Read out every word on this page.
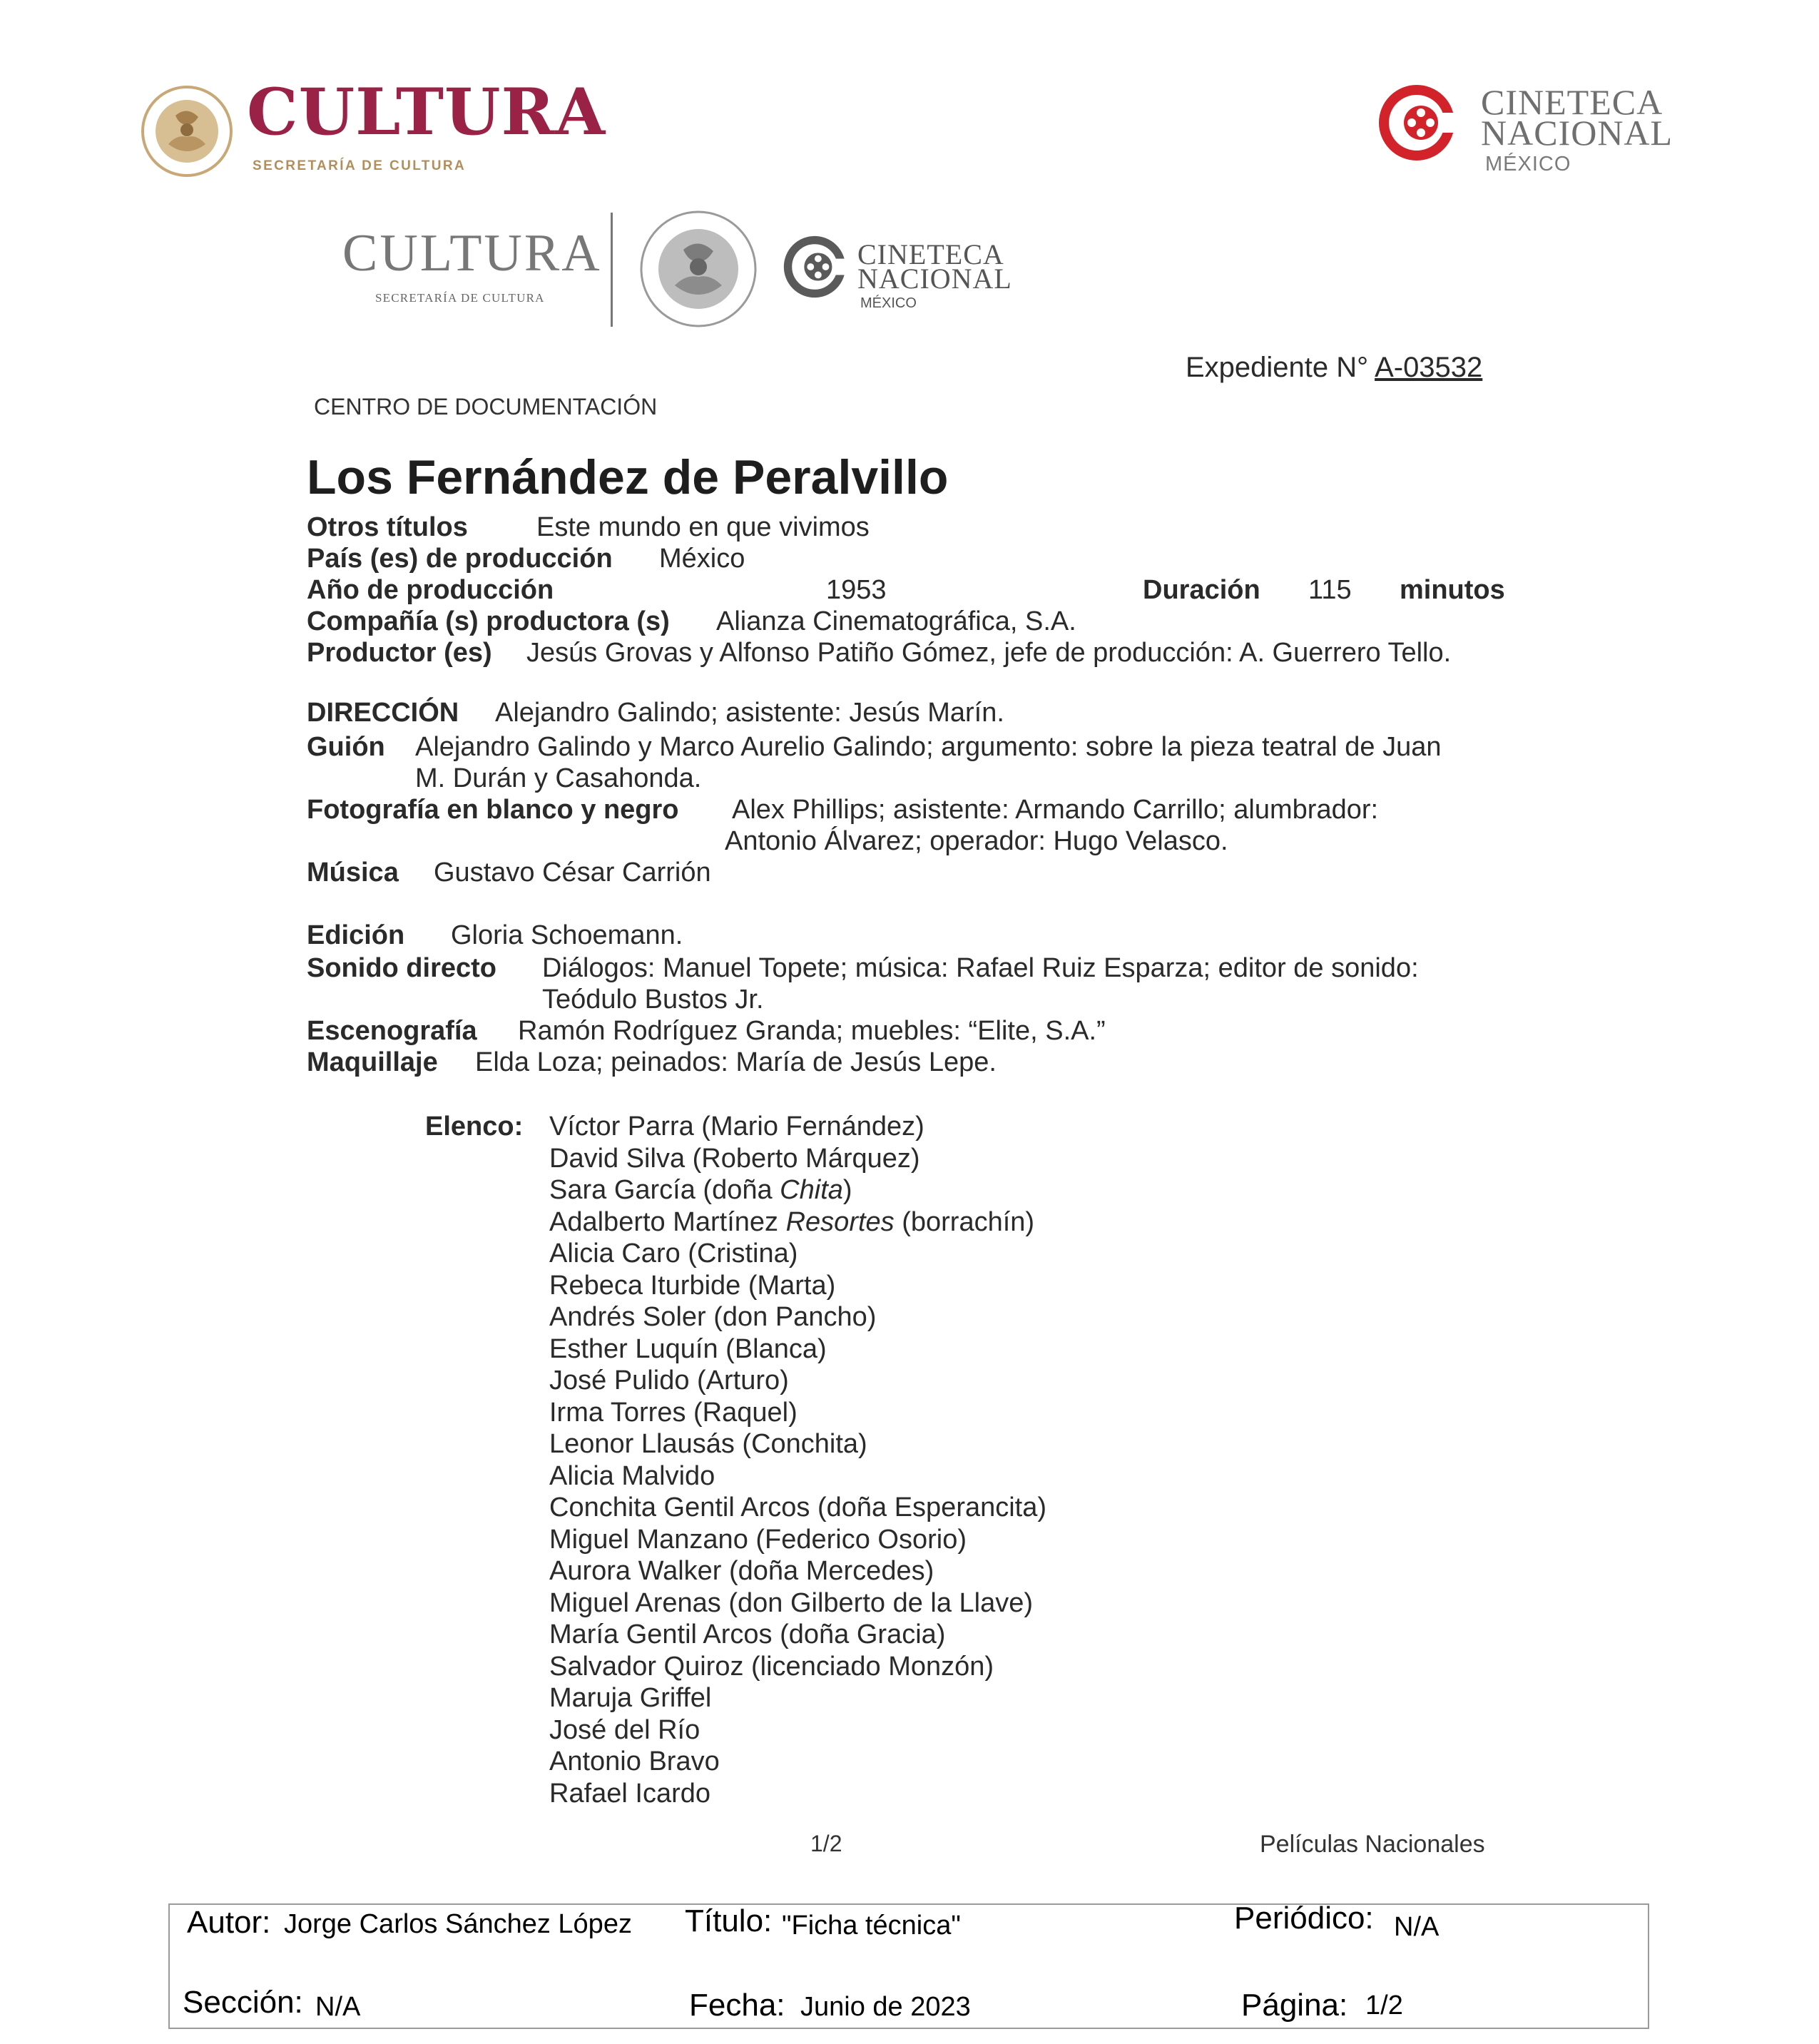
CULTURA
SECRETARÍA DE CULTURA
CINETECA
NACIONAL
MÉXICO
CULTURA
SECRETARÍA DE CULTURA
CINETECA
NACIONAL
MÉXICO
Expediente N° A-03532
CENTRO DE DOCUMENTACIÓN
Los Fernández de Peralvillo
Otros títulos	Este mundo en que vivimos
País (es) de producción México
Año de producción	1953	Duración 115 minutos
Compañía (s) productora (s) Alianza Cinematográfica, S.A.
Productor (es) Jesús Grovas y Alfonso Patiño Gómez, jefe de producción: A. Guerrero Tello.
DIRECCIÓN Alejandro Galindo; asistente: Jesús Marín.
Guión Alejandro Galindo y Marco Aurelio Galindo; argumento: sobre la pieza teatral de Juan
M. Durán y Casahonda.
Fotografía en blanco y negro Alex Phillips; asistente: Armando Carrillo; alumbrador:
Antonio Álvarez; operador: Hugo Velasco.
Música Gustavo César Carrión
Edición Gloria Schoemann.
Sonido directo Diálogos: Manuel Topete; música: Rafael Ruiz Esparza; editor de sonido:
Teódulo Bustos Jr.
Escenografía Ramón Rodríguez Granda; muebles: “Elite, S.A.”
Maquillaje Elda Loza; peinados: María de Jesús Lepe.
Elenco: Víctor Parra (Mario Fernández)
David Silva (Roberto Márquez)
Sara García (doña Chita)
Adalberto Martínez Resortes (borrachín)
Alicia Caro (Cristina)
Rebeca Iturbide (Marta)
Andrés Soler (don Pancho)
Esther Luquín (Blanca)
José Pulido (Arturo)
Irma Torres (Raquel)
Leonor Llausás (Conchita)
Alicia Malvido
Conchita Gentil Arcos (doña Esperancita)
Miguel Manzano (Federico Osorio)
Aurora Walker (doña Mercedes)
Miguel Arenas (don Gilberto de la Llave)
María Gentil Arcos (doña Gracia)
Salvador Quiroz (licenciado Monzón)
Maruja Griffel
José del Río
Antonio Bravo
Rafael Icardo
1/2	Películas Nacionales
Autor: Jorge Carlos Sánchez López Título: "Ficha técnica"	Periódico: N/A
Sección: N/A	Fecha: Junio de 2023	Página: 1/2
